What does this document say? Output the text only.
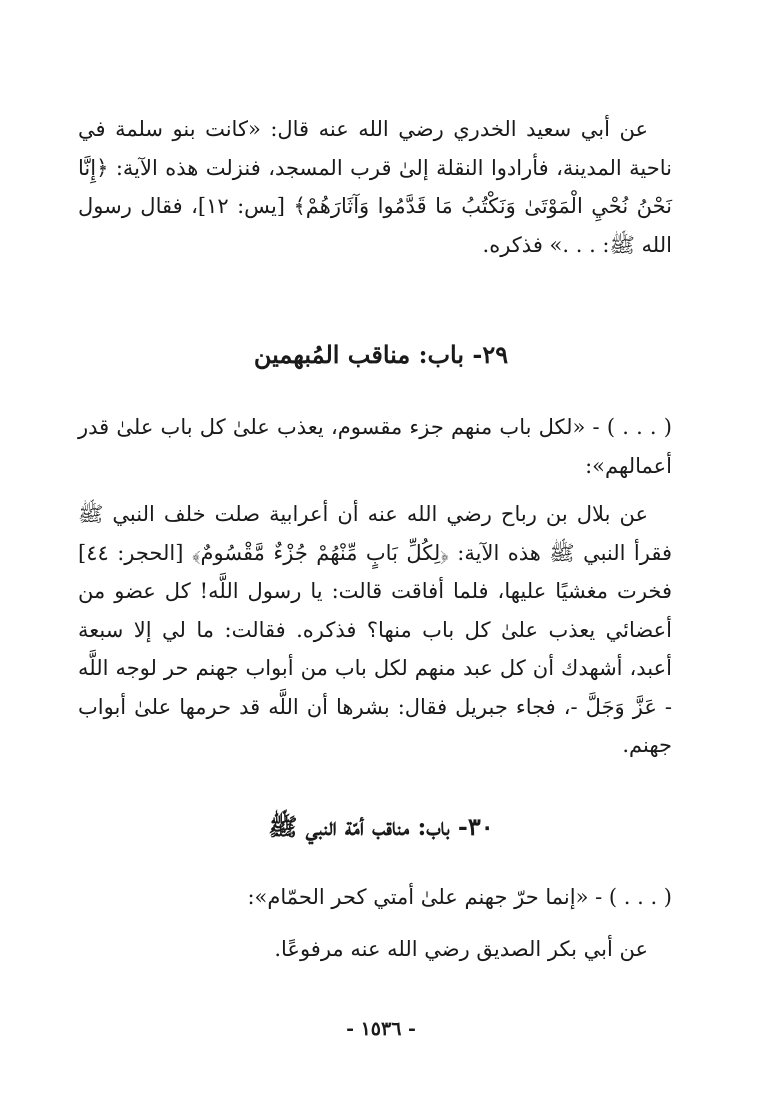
عن أبي سعيد الخدري رضي الله عنه قال: «كانت بنو سلمة في ناحية المدينة، فأرادوا النقلة إلىٰ قرب المسجد، فنزلت هذه الآية: ﴿إِنَّا نَحْنُ نُحْيِ الْمَوْتَىٰ وَنَكْتُبُ مَا قَدَّمُوا وَآثَارَهُمْ﴾ [يس: ١٢]، فقال رسول الله ﷺ: . . .» فذكره.

٢٩- باب: مناقب المُبهمين

( . . . ) - «لكل باب منهم جزء مقسوم، يعذب علىٰ كل باب علىٰ قدر أعمالهم»:

عن بلال بن رباح رضي الله عنه أن أعرابية صلت خلف النبي ﷺ فقرأ النبي ﷺ هذه الآية: ﴿لِكُلِّ بَابٍ مِّنْهُمْ جُزْءٌ مَّقْسُومٌ﴾ [الحجر: ٤٤] فخرت مغشيًا عليها، فلما أفاقت قالت: يا رسول اللَّه! كل عضو من أعضائي يعذب علىٰ كل باب منها؟ فذكره. فقالت: ما لي إلا سبعة أعبد، أشهدك أن كل عبد منهم لكل باب من أبواب جهنم حر لوجه اللَّه - عَزَّ وَجَلَّ -، فجاء جبريل فقال: بشرها أن اللَّه قد حرمها علىٰ أبواب جهنم.

٣٠- باب: مناقب أمّة النبي ﷺ

( . . . ) - «إنما حرّ جهنم علىٰ أمتي كحر الحمّام»:

عن أبي بكر الصديق رضي الله عنه مرفوعًا.

- ١٥٣٦ -
